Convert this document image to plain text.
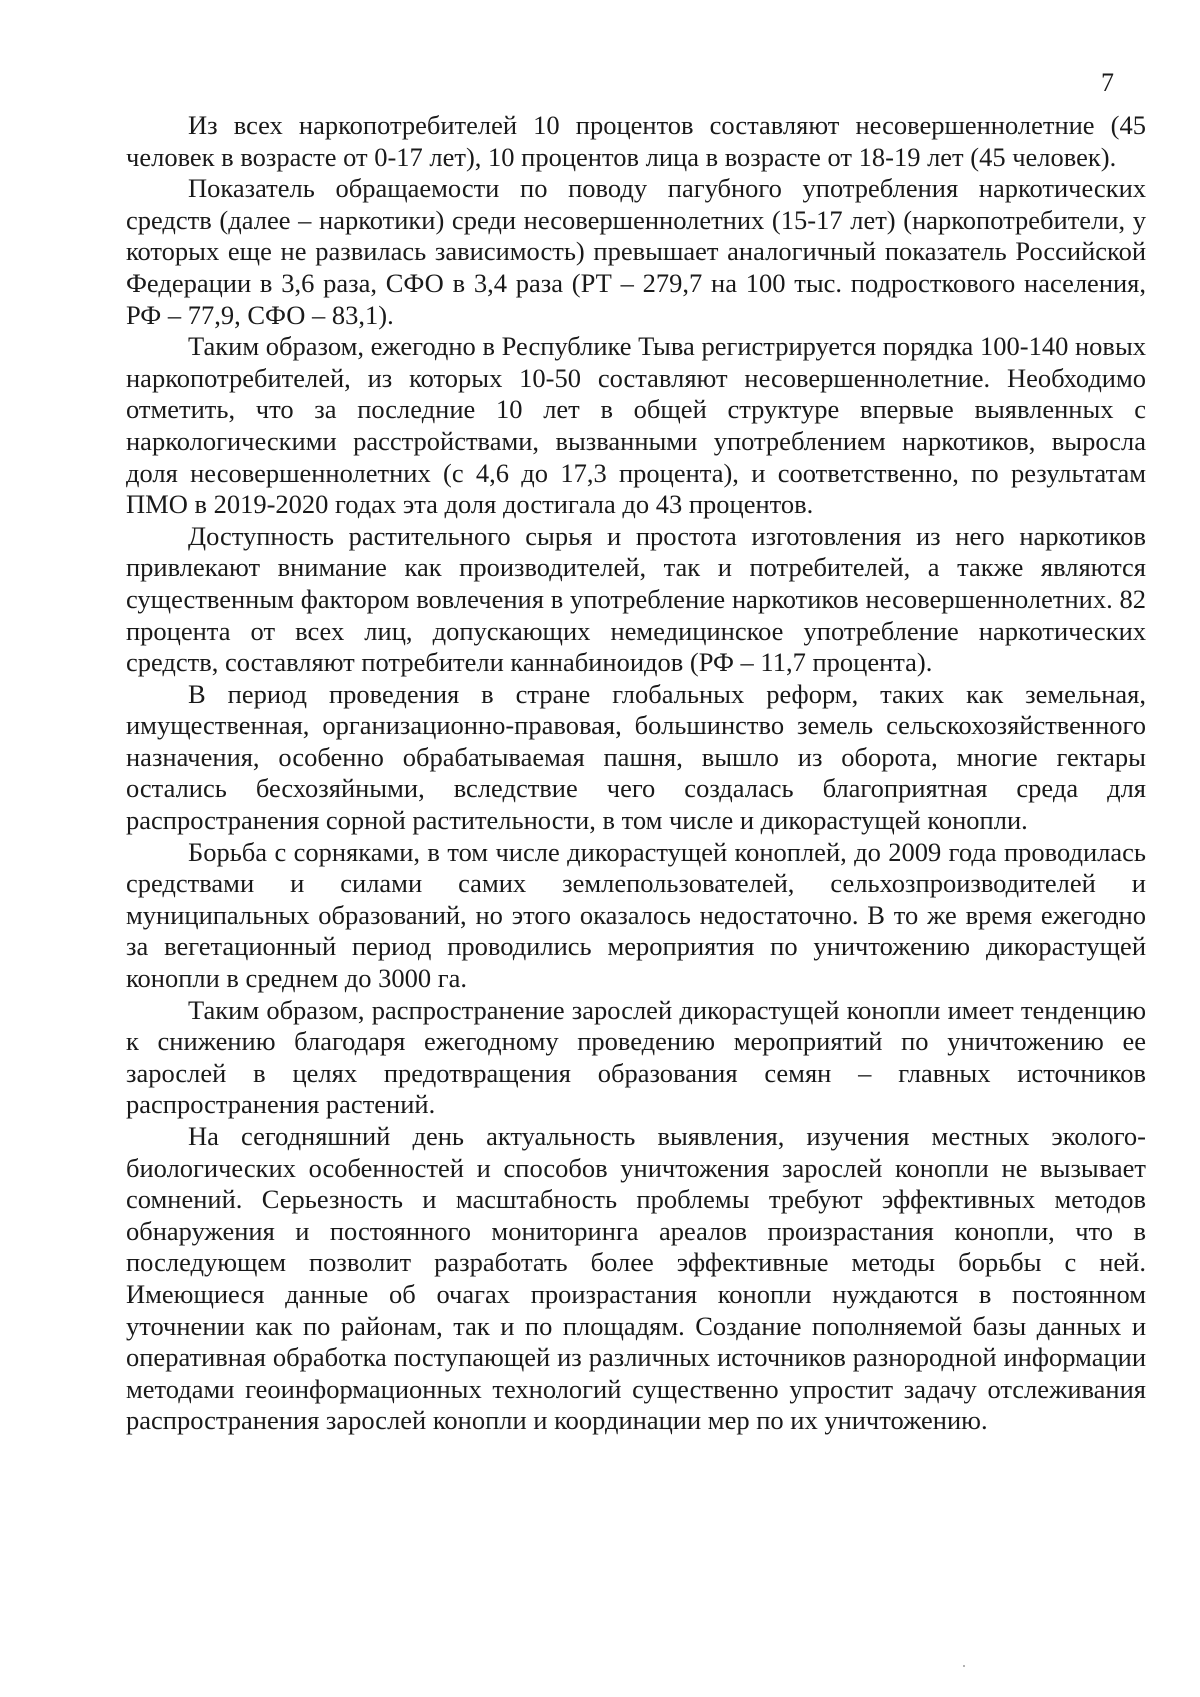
7

Из всех наркопотребителей 10 процентов составляют несовершеннолетние (45 человек в возрасте от 0-17 лет), 10 процентов лица в возрасте от 18-19 лет (45 человек).

Показатель обращаемости по поводу пагубного употребления наркотических средств (далее – наркотики) среди несовершеннолетних (15-17 лет) (наркопотребители, у которых еще не развилась зависимость) превышает аналогичный показатель Российской Федерации в 3,6 раза, СФО в 3,4 раза (РТ – 279,7 на 100 тыс. подросткового населения, РФ – 77,9, СФО – 83,1).

Таким образом, ежегодно в Республике Тыва регистрируется порядка 100-140 новых наркопотребителей, из которых 10-50 составляют несовершеннолетние. Необходимо отметить, что за последние 10 лет в общей структуре впервые выявленных с наркологическими расстройствами, вызванными употреблением наркотиков, выросла доля несовершеннолетних (с 4,6 до 17,3 процента), и соответственно, по результатам ПМО в 2019-2020 годах эта доля достигала до 43 процентов.

Доступность растительного сырья и простота изготовления из него наркотиков привлекают внимание как производителей, так и потребителей, а также являются существенным фактором вовлечения в употребление наркотиков несовершеннолетних. 82 процента от всех лиц, допускающих немедицинское употребление наркотических средств, составляют потребители каннабиноидов (РФ – 11,7 процента).

В период проведения в стране глобальных реформ, таких как земельная, имущественная, организационно-правовая, большинство земель сельскохозяйственного назначения, особенно обрабатываемая пашня, вышло из оборота, многие гектары остались бесхозяйными, вследствие чего создалась благоприятная среда для распространения сорной растительности, в том числе и дикорастущей конопли.

Борьба с сорняками, в том числе дикорастущей коноплей, до 2009 года проводилась средствами и силами самих землепользователей, сельхозпроизводителей и муниципальных образований, но этого оказалось недостаточно. В то же время ежегодно за вегетационный период проводились мероприятия по уничтожению дикорастущей конопли в среднем до 3000 га.

Таким образом, распространение зарослей дикорастущей конопли имеет тенденцию к снижению благодаря ежегодному проведению мероприятий по уничтожению ее зарослей в целях предотвращения образования семян – главных источников распространения растений.

На сегодняшний день актуальность выявления, изучения местных эколого-биологических особенностей и способов уничтожения зарослей конопли не вызывает сомнений. Серьезность и масштабность проблемы требуют эффективных методов обнаружения и постоянного мониторинга ареалов произрастания конопли, что в последующем позволит разработать более эффективные методы борьбы с ней. Имеющиеся данные об очагах произрастания конопли нуждаются в постоянном уточнении как по районам, так и по площадям. Создание пополняемой базы данных и оперативная обработка поступающей из различных источников разнородной информации методами геоинформационных технологий существенно упростит задачу отслеживания распространения зарослей конопли и координации мер по их уничтожению.
